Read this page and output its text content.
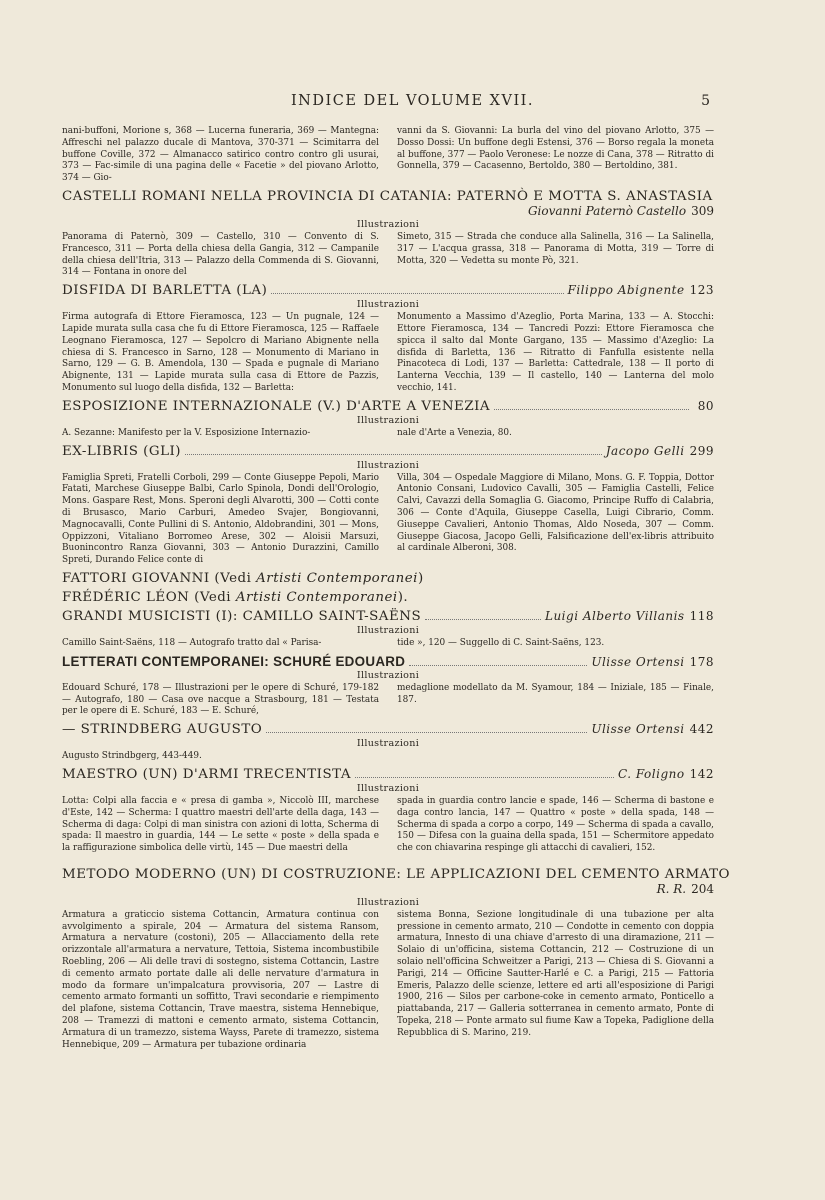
INDICE DEL VOLUME XVII.	5
nani-buffoni, Morione s, 368 — Lucerna funeraria, 369 — Mantegna: Affreschi nel palazzo ducale di Mantova, 370-371 — Scimitarra del buffone Coville, 372 — Almanacco satirico contro contro gli usurai, 373 — Fac-simile di una pagina delle « Facetie » del piovano Arlotto, 374 — Gio-
vanni da S. Giovanni: La burla del vino del piovano Arlotto, 375 — Dosso Dossi: Un buffone degli Estensi, 376 — Borso regala la moneta al buffone, 377 — Paolo Veronese: Le nozze di Cana, 378 — Ritratto di Gonnella, 379 — Cacasenno, Bertoldo, 380 — Bertoldino, 381.
CASTELLI ROMANI NELLA PROVINCIA DI CATANIA: PATERNÒ E MOTTA S. ANASTASIA
Giovanni Paternò Castello 309
Illustrazioni
Panorama di Paternò, 309 — Castello, 310 — Convento di S. Francesco, 311 — Porta della chiesa della Gangia, 312 — Campanile della chiesa dell'Itria, 313 — Palazzo della Commenda di S. Giovanni, 314 — Fontana in onore del
Simeto, 315 — Strada che conduce alla Salinella, 316 — La Salinella, 317 — L'acqua grassa, 318 — Panorama di Motta, 319 — Torre di Motta, 320 — Vedetta su monte Pò, 321.
DISFIDA DI BARLETTA (LA)	Filippo Abignente 123
Illustrazioni
Firma autografa di Ettore Fieramosca, 123 — Un pugnale, 124 — Lapide murata sulla casa che fu di Ettore Fieramosca, 125 — Raffaele Leognano Fieramosca, 127 — Sepolcro di Mariano Abignente nella chiesa di S. Francesco in Sarno, 128 — Monumento di Mariano in Sarno, 129 — G. B. Amendola, 130 — Spada e pugnale di Mariano Abignente, 131 — Lapide murata sulla casa di Ettore de Pazzis, Monumento sul luogo della disfida, 132 — Barletta:
Monumento a Massimo d'Azeglio, Porta Marina, 133 — A. Stocchi: Ettore Fieramosca, 134 — Tancredi Pozzi: Ettore Fieramosca che spicca il salto dal Monte Gargano, 135 — Massimo d'Azeglio: La disfida di Barletta, 136 — Ritratto di Fanfulla esistente nella Pinacoteca di Lodi, 137 — Barletta: Cattedrale, 138 — Il porto di Lanterna Vecchia, 139 — Il castello, 140 — Lanterna del molo vecchio, 141.
ESPOSIZIONE INTERNAZIONALE (V.) D'ARTE A VENEZIA	80
Illustrazioni
A. Sezanne: Manifesto per la V. Esposizione Internazio-	nale d'Arte a Venezia, 80.
EX-LIBRIS (GLI)	Jacopo Gelli 299
Illustrazioni
Famiglia Spreti, Fratelli Corboli, 299 — Conte Giuseppe Pepoli, Mario Fatati, Marchese Giuseppe Balbi, Carlo Spinola, Dondi dell'Orologio, Mons. Gaspare Rest, Mons. Speroni degli Alvarotti, 300 — Cotti conte di Brusasco, Mario Carburi, Amedeo Svajer, Bongiovanni, Magnocavalli, Conte Pullini di S. Antonio, Aldobrandini, 301 — Mons, Oppizzoni, Vitaliano Borromeo Arese, 302 — Aloisii Marsuzi, Buonincontro Ranza Giovanni, 303 — Antonio Durazzini, Camillo Spreti, Durando Felice conte di
Villa, 304 — Ospedale Maggiore di Milano, Mons. G. F. Toppia, Dottor Antonio Consani, Ludovico Cavalli, 305 — Famiglia Castelli, Felice Calvi, Cavazzi della Somaglia G. Giacomo, Principe Ruffo di Calabria, 306 — Conte d'Aquila, Giuseppe Casella, Luigi Cibrario, Comm. Giuseppe Cavalieri, Antonio Thomas, Aldo Noseda, 307 — Comm. Giuseppe Giacosa, Jacopo Gelli, Falsificazione dell'ex-libris attribuito al cardinale Alberoni, 308.
FATTORI GIOVANNI (Vedi Artisti Contemporanei)
FRÉDÉRIC LÉON (Vedi Artisti Contemporanei).
GRANDI MUSICISTI (I): CAMILLO SAINT-SAËNS	Luigi Alberto Villanis 118
Illustrazioni
Camillo Saint-Saëns, 118 — Autografo tratto dal « Parisa-	tide », 120 — Suggello di C. Saint-Saëns, 123.
LETTERATI CONTEMPORANEI: SCHURÉ EDOUARD	Ulisse Ortensi 178
Illustrazioni
Edouard Schuré, 178 — Illustrazioni per le opere di Schuré, 179-182 — Autografo, 180 — Casa ove nacque a Strasbourg, 181 — Testata per le opere di E. Schuré, 183 — E. Schuré,
medaglione modellato da M. Syamour, 184 — Iniziale, 185 — Finale, 187.
— STRINDBERG AUGUSTO	Ulisse Ortensi 442
Illustrazioni
Augusto Strindbgerg, 443-449.
MAESTRO (UN) D'ARMI TRECENTISTA	C. Foligno 142
Illustrazioni
Lotta: Colpi alla faccia e « presa di gamba », Niccolò III, marchese d'Este, 142 — Scherma: I quattro maestri dell'arte della daga, 143 — Scherma di daga: Colpi di man sinistra con azioni di lotta, Scherma di spada: Il maestro in guardia, 144 — Le sette « poste » della spada e la raffigurazione simbolica delle virtù, 145 — Due maestri della
spada in guardia contro lancie e spade, 146 — Scherma di bastone e daga contro lancia, 147 — Quattro « poste » della spada, 148 — Scherma di spada a corpo a corpo, 149 — Scherma di spada a cavallo, 150 — Difesa con la guaina della spada, 151 — Schermitore appedato che con chiavarina respinge gli attacchi di cavalieri, 152.
METODO MODERNO (UN) DI COSTRUZIONE: LE APPLICAZIONI DEL CEMENTO ARMATO
R. R. 204
Illustrazioni
Armatura a graticcio sistema Cottancin, Armatura continua con avvolgimento a spirale, 204 — Armatura del sistema Ransom, Armatura a nervature (costoni), 205 — Allacciamento della rete orizzontale all'armatura a nervature, Tettoia, Sistema incombustibile Roebling, 206 — Ali delle travi di sostegno, sistema Cottancin, Lastre di cemento armato portate dalle ali delle nervature d'armatura in modo da formare un'impalcatura provvisoria, 207 — Lastre di cemento armato formanti un soffitto, Travi secondarie e riempimento del plafone, sistema Cottancin, Trave maestra, sistema Hennebique, 208 — Tramezzi di mattoni e cemento armato, sistema Cottancin, Armatura di un tramezzo, sistema Wayss, Parete di tramezzo, sistema Hennebique, 209 — Armatura per tubazione ordinaria
sistema Bonna, Sezione longitudinale di una tubazione per alta pressione in cemento armato, 210 — Condotte in cemento con doppia armatura, Innesto di una chiave d'arresto di una diramazione, 211 — Solaio di un'officina, sistema Cottancin, 212 — Costruzione di un solaio nell'officina Schweitzer a Parigi, 213 — Chiesa di S. Giovanni a Parigi, 214 — Officine Sautter-Harlé e C. a Parigi, 215 — Fattoria Emeris, Palazzo delle scienze, lettere ed arti all'esposizione di Parigi 1900, 216 — Silos per carbone-coke in cemento armato, Ponticello a piattabanda, 217 — Galleria sotterranea in cemento armato, Ponte di Topeka, 218 — Ponte armato sul fiume Kaw a Topeka, Padiglione della Repubblica di S. Marino, 219.
